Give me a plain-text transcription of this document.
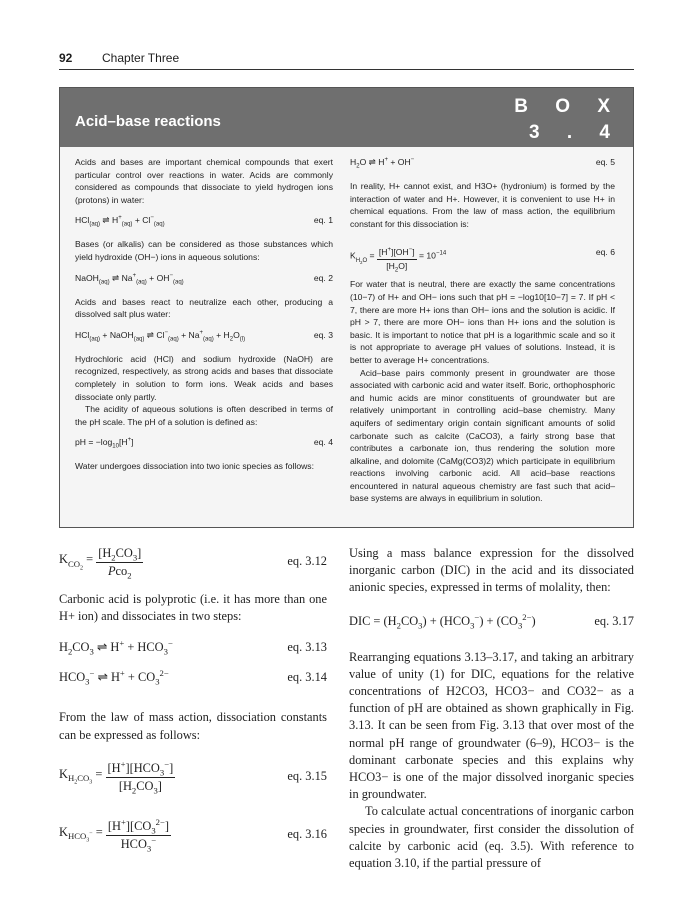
92 Chapter Three
Acid–base reactions
B O X
3 . 4

Acids and bases are important chemical compounds that exert particular control over reactions in water. Acids are commonly considered as compounds that dissociate to yield hydrogen ions (protons) in water:

HCl$_{(aq)}$ ⇌ $H^+_{(aq)} + Cl^-_{(aq)}$	eq. 1

Bases (or alkalis) can be considered as those substances which yield hydroxide (OH−) ions in aqueous solutions:

NaOH$_{(aq)}$ ⇌ $Na^+_{(aq)} + OH^-_{(aq)}$	eq. 2

Acids and bases react to neutralize each other, producing a dissolved salt plus water:

HCl$_{(aq)}$ + NaOH$_{(aq)}$ ⇌ $Cl^-_{(aq)} + Na^+_{(aq)} + H_2O_{(l)}$	eq. 3

Hydrochloric acid (HCl) and sodium hydroxide (NaOH) are recognized, respectively, as strong acids and bases that dissociate completely in solution to form ions. Weak acids and bases dissociate only partly.

The acidity of aqueous solutions is often described in terms of the pH scale. The pH of a solution is defined as:

pH = $-\log_{10}[H^+]$	eq. 4

Water undergoes dissociation into two ionic species as follows:

$H_2O$ ⇌ H+ + OH−	eq. 5

In reality, H+ cannot exist, and H3O+ (hydronium) is formed by the interaction of water and H+. However, it is convenient to use H+ in chemical equations. From the law of mass action, the equilibrium constant for this dissociation is:

$K_{H_2O} = \frac{[H^+][OH^-]}{[H_2O]} = 10^{-14}$	eq. 6

For water that is neutral, there are exactly the same concentrations (10−7) of H+ and OH− ions such that pH = −log10[10−7] = 7. If pH < 7, there are more H+ ions than OH− ions and the solution is acidic. If pH > 7, there are more OH− ions than H+ ions and the solution is basic. It is important to notice that pH is a logarithmic scale and so it is not appropriate to average pH values of solutions. Instead, it is better to average H+ concentrations.

Acid–base pairs commonly present in groundwater are those associated with carbonic acid and water itself. Boric, orthophosphoric and humic acids are minor constituents of groundwater but are relatively unimportant in controlling acid–base chemistry. Many aquifers of sedimentary origin contain significant amounts of solid carbonate such as calcite (CaCO3), a fairly strong base that contributes a carbonate ion, thus rendering the solution more alkaline, and dolomite (CaMg(CO3)2) which participate in equilibrium reactions involving carbonic acid. All acid–base reactions encountered in natural aqueous chemistry are fast such that acid–base systems are always in equilibrium in solution.

$K_{CO_2} = \frac{[H_2CO_3]}{Pco_2}$	eq. 3.12

Carbonic acid is polyprotic (i.e. it has more than one H+ ion) and dissociates in two steps:

$H_2CO_3$ ⇌ $H^+ + HCO_3^-$	eq. 3.13
$HCO_3^-$ ⇌ $H^+ + CO_3^{2-}$	eq. 3.14

From the law of mass action, dissociation constants can be expressed as follows:

$K_{H_2CO_3} = \frac{[H^+][HCO_3^-]}{[H_2CO_3]}$	eq. 3.15
$K_{HCO_3^-} = \frac{[H^+][CO_3^{2-}]}{HCO_3^-}$	eq. 3.16

Using a mass balance expression for the dissolved inorganic carbon (DIC) in the acid and its dissociated anionic species, expressed in terms of molality, then:

DIC = $(H_2CO_3) + (HCO_3^-) + (CO_3^{2-})$	eq. 3.17

Rearranging equations 3.13–3.17, and taking an arbitrary value of unity (1) for DIC, equations for the relative concentrations of H2CO3, HCO3− and CO32− as a function of pH are obtained as shown graphically in Fig. 3.13. It can be seen from Fig. 3.13 that over most of the normal pH range of groundwater (6–9), HCO3− is the dominant carbonate species and this explains why HCO3− is one of the major dissolved inorganic species in groundwater.

To calculate actual concentrations of inorganic carbon species in groundwater, first consider the dissolution of calcite by carbonic acid (eq. 3.5). With reference to equation 3.10, if the partial pressure of
